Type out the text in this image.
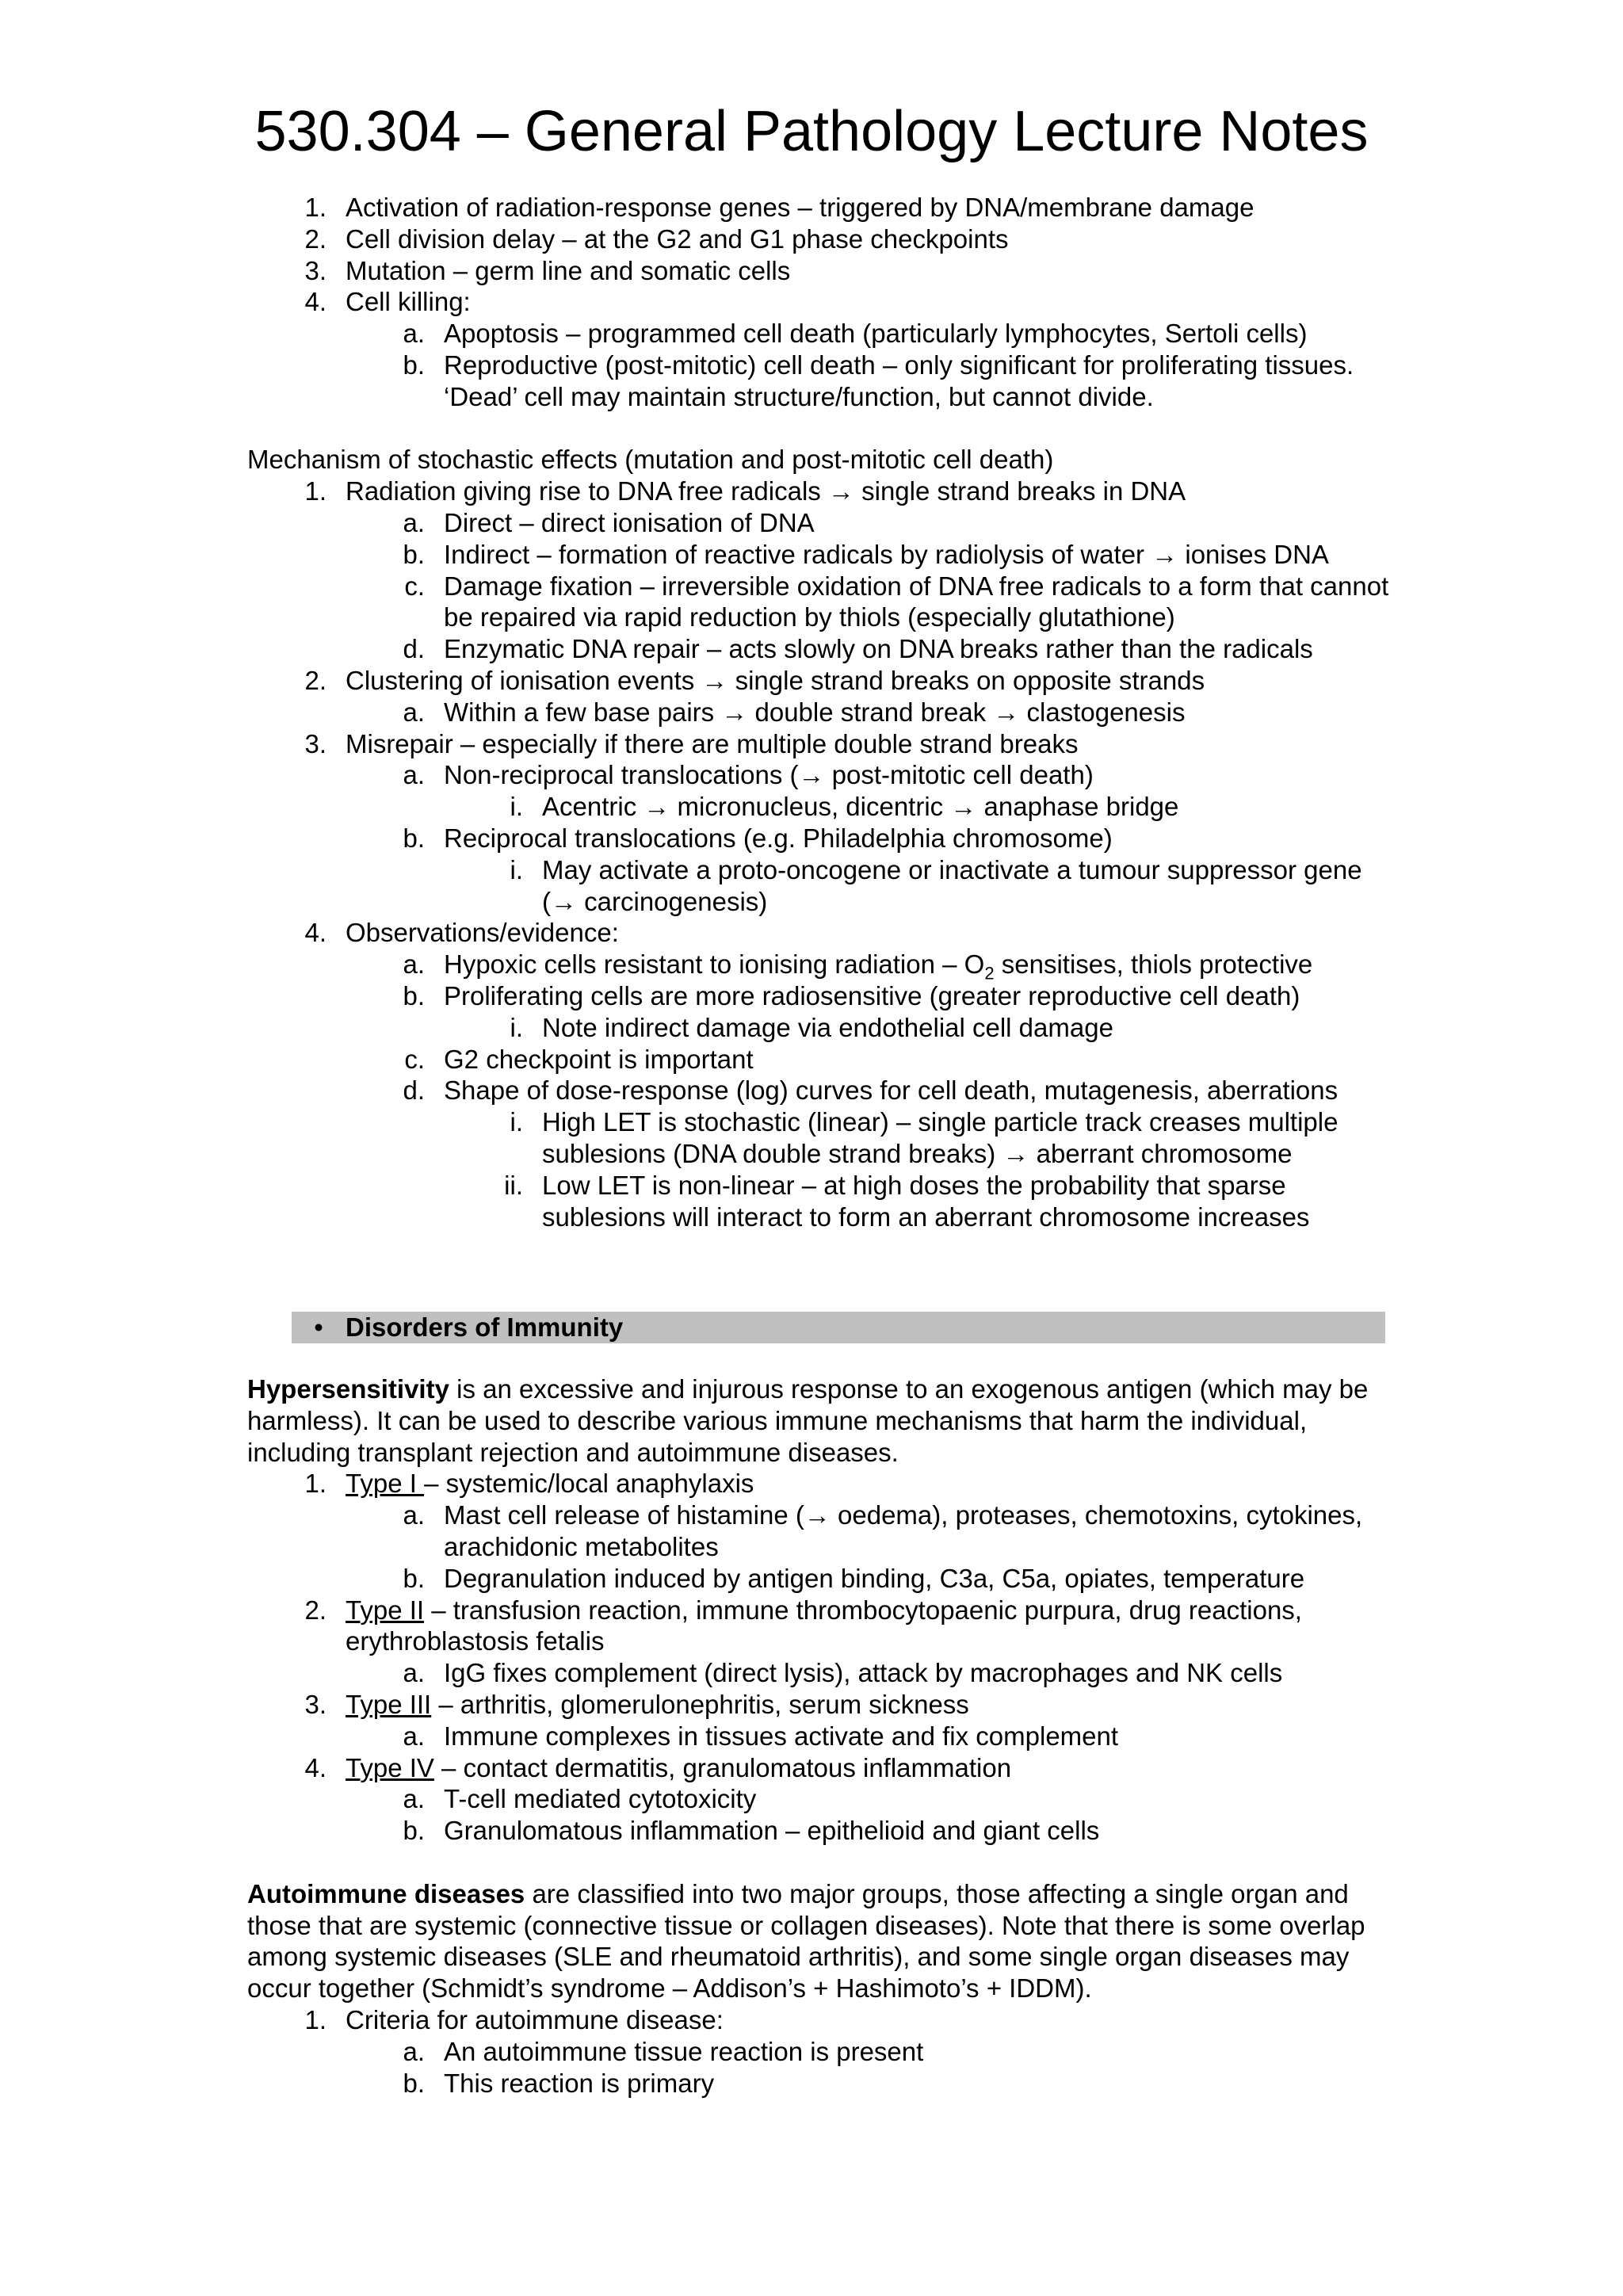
530.304 – General Pathology Lecture Notes
1. Activation of radiation-response genes – triggered by DNA/membrane damage
2. Cell division delay – at the G2 and G1 phase checkpoints
3. Mutation – germ line and somatic cells
4. Cell killing:
a. Apoptosis – programmed cell death (particularly lymphocytes, Sertoli cells)
b. Reproductive (post-mitotic) cell death – only significant for proliferating tissues. ‘Dead’ cell may maintain structure/function, but cannot divide.
Mechanism of stochastic effects (mutation and post-mitotic cell death)
1. Radiation giving rise to DNA free radicals → single strand breaks in DNA
a. Direct – direct ionisation of DNA
b. Indirect – formation of reactive radicals by radiolysis of water → ionises DNA
c. Damage fixation – irreversible oxidation of DNA free radicals to a form that cannot be repaired via rapid reduction by thiols (especially glutathione)
d. Enzymatic DNA repair – acts slowly on DNA breaks rather than the radicals
2. Clustering of ionisation events → single strand breaks on opposite strands
a. Within a few base pairs → double strand break → clastogenesis
3. Misrepair – especially if there are multiple double strand breaks
a. Non-reciprocal translocations (→ post-mitotic cell death)
i. Acentric → micronucleus, dicentric → anaphase bridge
b. Reciprocal translocations (e.g. Philadelphia chromosome)
i. May activate a proto-oncogene or inactivate a tumour suppressor gene (→ carcinogenesis)
4. Observations/evidence:
a. Hypoxic cells resistant to ionising radiation – $O_2$ sensitises, thiols protective
b. Proliferating cells are more radiosensitive (greater reproductive cell death)
i. Note indirect damage via endothelial cell damage
c. G2 checkpoint is important
d. Shape of dose-response (log) curves for cell death, mutagenesis, aberrations
i. High LET is stochastic (linear) – single particle track creases multiple sublesions (DNA double strand breaks) → aberrant chromosome
ii. Low LET is non-linear – at high doses the probability that sparse sublesions will interact to form an aberrant chromosome increases
• Disorders of Immunity
Hypersensitivity is an excessive and injurous response to an exogenous antigen (which may be harmless). It can be used to describe various immune mechanisms that harm the individual, including transplant rejection and autoimmune diseases.
1. Type I – systemic/local anaphylaxis
a. Mast cell release of histamine (→ oedema), proteases, chemotoxins, cytokines, arachidonic metabolites
b. Degranulation induced by antigen binding, C3a, C5a, opiates, temperature
2. Type II – transfusion reaction, immune thrombocytopaenic purpura, drug reactions, erythroblastosis fetalis
a. IgG fixes complement (direct lysis), attack by macrophages and NK cells
3. Type III – arthritis, glomerulonephritis, serum sickness
a. Immune complexes in tissues activate and fix complement
4. Type IV – contact dermatitis, granulomatous inflammation
a. T-cell mediated cytotoxicity
b. Granulomatous inflammation – epithelioid and giant cells
Autoimmune diseases are classified into two major groups, those affecting a single organ and those that are systemic (connective tissue or collagen diseases). Note that there is some overlap among systemic diseases (SLE and rheumatoid arthritis), and some single organ diseases may occur together (Schmidt’s syndrome – Addison’s + Hashimoto’s + IDDM).
1. Criteria for autoimmune disease:
a. An autoimmune tissue reaction is present
b. This reaction is primary
